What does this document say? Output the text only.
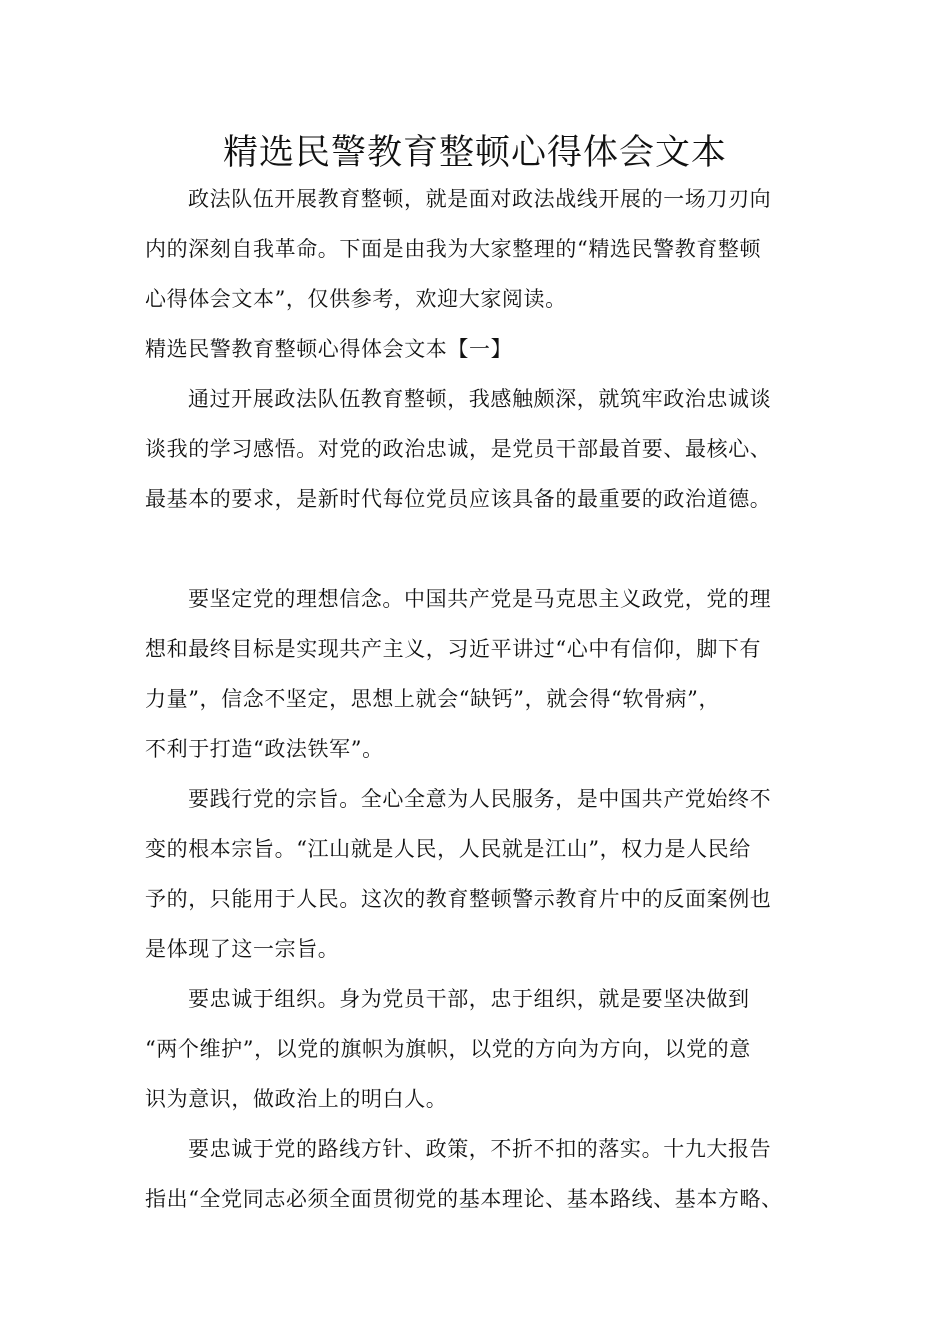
精选民警教育整顿心得体会文本
政法队伍开展教育整顿，就是面对政法战线开展的一场刀刃向
内的深刻自我革命。下面是由我为大家整理的“精选民警教育整顿
心得体会文本”，仅供参考，欢迎大家阅读。
精选民警教育整顿心得体会文本【一】
通过开展政法队伍教育整顿，我感触颇深，就筑牢政治忠诚谈
谈我的学习感悟。对党的政治忠诚，是党员干部最首要、最核心、
最基本的要求，是新时代每位党员应该具备的最重要的政治道德。
要坚定党的理想信念。中国共产党是马克思主义政党，党的理
想和最终目标是实现共产主义，习近平讲过“心中有信仰，脚下有
力量”，信念不坚定，思想上就会“缺钙”，就会得“软骨病”，
不利于打造“政法铁军”。
要践行党的宗旨。全心全意为人民服务，是中国共产党始终不
变的根本宗旨。“江山就是人民，人民就是江山”，权力是人民给
予的，只能用于人民。这次的教育整顿警示教育片中的反面案例也
是体现了这一宗旨。
要忠诚于组织。身为党员干部，忠于组织，就是要坚决做到
“两个维护”，以党的旗帜为旗帜，以党的方向为方向，以党的意
识为意识，做政治上的明白人。
要忠诚于党的路线方针、政策，不折不扣的落实。十九大报告
指出“全党同志必须全面贯彻党的基本理论、基本路线、基本方略、
